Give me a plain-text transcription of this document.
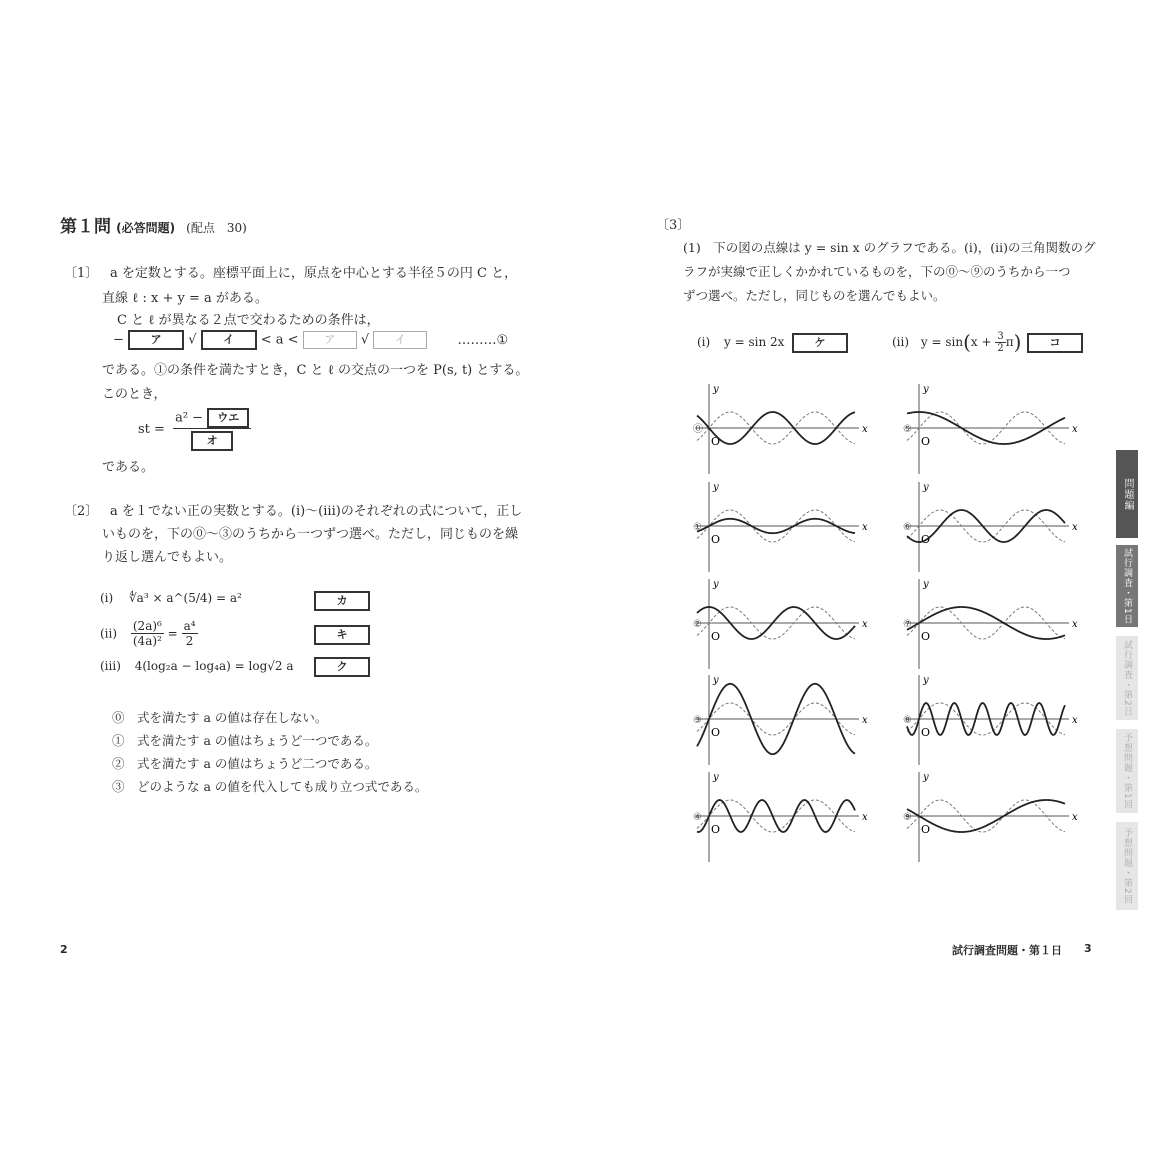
第１問 (必答問題) (配点　30)
〔1〕 a を定数とする。座標平面上に，原点を中心とする半径５の円 C と，
直線 ℓ : x + y = a がある。
C と ℓ が異なる２点で交わるための条件は，
− ア √ イ < a < ア √ イ	………①
である。①の条件を満たすとき，C と ℓ の交点の一つを P(s, t) とする。
このとき，
st = $\frac{\text{a² − ウエ}}{\text{オ}}$
である。
〔2〕 a を１でない正の実数とする。(i)〜(iii)のそれぞれの式について，正し
いものを，下の⓪〜③のうちから一つずつ選べ。ただし，同じものを繰
り返し選んでもよい。
(i) ∜a³ × a^(5/4) = a²	カ
$(ii) \frac{\text{(2a)⁶}}{\text{(4a)²}} = \frac{\text{a⁴}}{2}$	キ
(iii) 4(log₂a − log₄a) = log√2 a	ク
⓪　式を満たす a の値は存在しない。
①　式を満たす a の値はちょうど一つである。
②　式を満たす a の値はちょうど二つである。
③　どのような a の値を代入しても成り立つ式である。
2
〔3〕
(1)　下の図の点線は y = sin x のグラフである。(i)，(ii)の三角関数のグ
ラフが実線で正しくかかれているものを，下の⓪〜⑨のうちから一つ
ずつ選べ。ただし，同じものを選んでもよい。
(i) y = sin 2x	ケ	(ii) $y = \sin(x + \frac{3}{2} \pi)$	コ
x
y
O
⓪
x
y
O
①
x
y
O
②
x
y
O
③
x
y
O
④
x
y
O
⑤
x
y
O
⑥
x
y
O
⑦
x
y
O
⑧
x
y
O
⑨
試行調査問題・第１日 3
問題編
試行調査・第1日
試行調査・第2日
予想問題・第1回
予想問題・第2回
